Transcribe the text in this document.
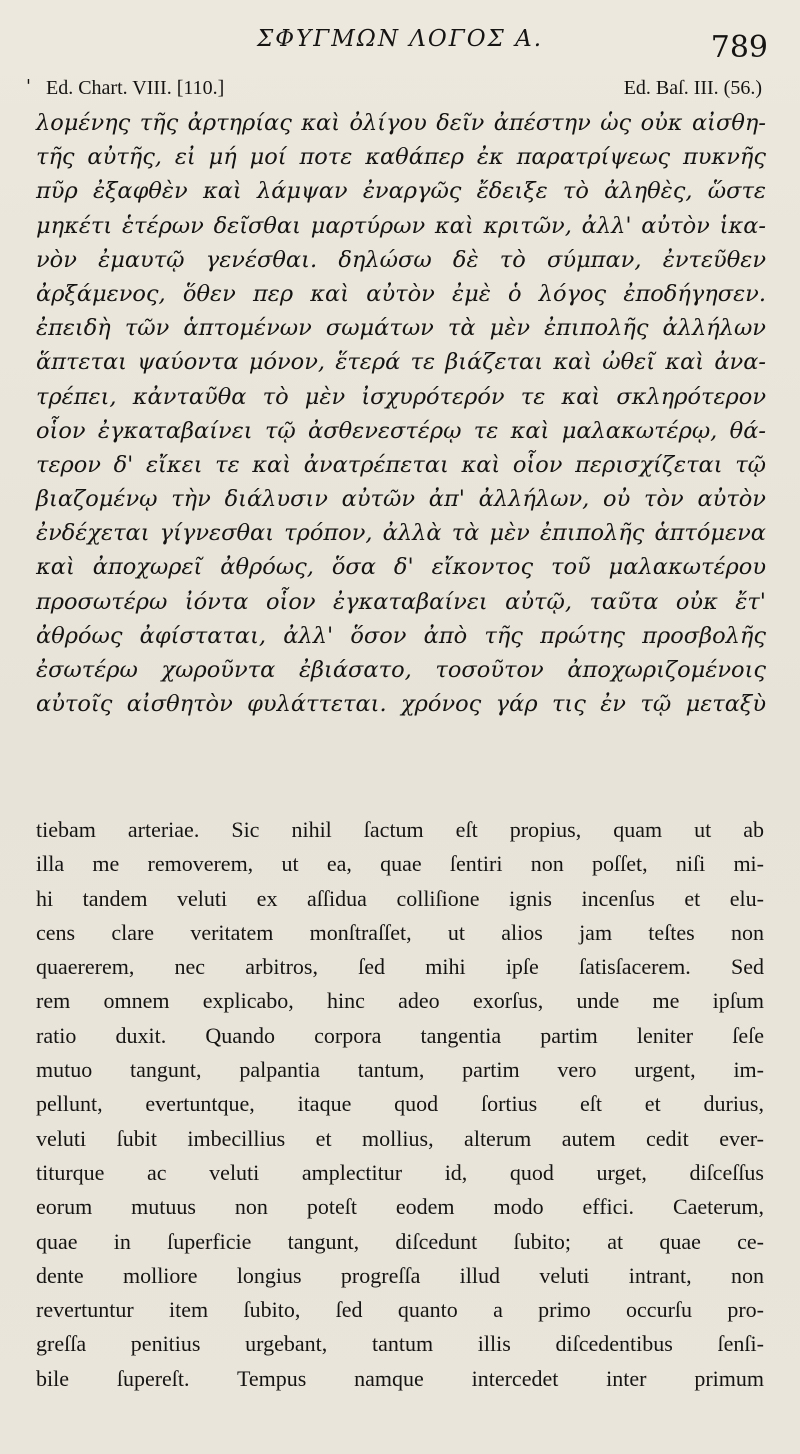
ΣΦΥΓΜΩΝ ΛΟΓΟΣ Α.	789
' Ed. Chart. VIII. [110.]	Ed. Baſ. III. (56.)
λομένης τῆς ἀρτηρίας καὶ ὀλίγου δεῖν ἀπέστην ὡς οὐκ αἰσθη-
τῆς αὐτῆς, εἰ μή μοί ποτε καθάπερ ἐκ παρατρίψεως πυκνῆς
πῦρ ἐξαφθὲν καὶ λάμψαν ἐναργῶς ἔδειξε τὸ ἀληθὲς, ὥστε
μηκέτι ἑτέρων δεῖσθαι μαρτύρων καὶ κριτῶν, ἀλλ' αὐτὸν ἱκα-
νὸν ἐμαυτῷ γενέσθαι. δηλώσω δὲ τὸ σύμπαν, ἐντεῦθεν
ἀρξάμενος, ὅθεν περ καὶ αὐτὸν ἐμὲ ὁ λόγος ἐποδήγησεν.
ἐπειδὴ τῶν ἁπτομένων σωμάτων τὰ μὲν ἐπιπολῆς ἀλλήλων
ἅπτεται ψαύοντα μόνον, ἕτερά τε βιάζεται καὶ ὠθεῖ καὶ ἀνα-
τρέπει, κἀνταῦθα τὸ μὲν ἰσχυρότερόν τε καὶ σκληρότερον
οἷον ἐγκαταβαίνει τῷ ἀσθενεστέρῳ τε καὶ μαλακωτέρῳ, θά-
τερον δ' εἴκει τε καὶ ἀνατρέπεται καὶ οἷον περισχίζεται τῷ
βιαζομένῳ τὴν διάλυσιν αὐτῶν ἀπ' ἀλλήλων, οὐ τὸν αὐτὸν
ἐνδέχεται γίγνεσθαι τρόπον, ἀλλὰ τὰ μὲν ἐπιπολῆς ἁπτόμενα
καὶ ἀποχωρεῖ ἀθρόως, ὅσα δ' εἴκοντος τοῦ μαλακωτέρου
προσωτέρω ἰόντα οἷον ἐγκαταβαίνει αὐτῷ, ταῦτα οὐκ ἔτ'
ἀθρόως ἀφίσταται, ἀλλ' ὅσον ἀπὸ τῆς πρώτης προσβολῆς
ἐσωτέρω χωροῦντα ἐβιάσατο, τοσοῦτον ἀποχωριζομένοις
αὐτοῖς αἰσθητὸν φυλάττεται. χρόνος γάρ τις ἐν τῷ μεταξὺ
tiebam arteriae. Sic nihil ſactum eſt propius, quam ut ab
illa me removerem, ut ea, quae ſentiri non poſſet, niſi mi-
hi tandem veluti ex aſſidua colliſione ignis incenſus et elu-
cens clare veritatem monſtraſſet, ut alios jam teſtes non
quaererem, nec arbitros, ſed mihi ipſe ſatisſacerem. Sed
rem omnem explicabo, hinc adeo exorſus, unde me ipſum
ratio duxit. Quando corpora tangentia partim leniter ſeſe
mutuo tangunt, palpantia tantum, partim vero urgent, im-
pellunt, evertuntque, itaque quod ſortius eſt et durius,
veluti ſubit imbecillius et mollius, alterum autem cedit ever-
titurque ac veluti amplectitur id, quod urget, diſceſſus
eorum mutuus non poteſt eodem modo effici. Caeterum,
quae in ſuperficie tangunt, diſcedunt ſubito; at quae ce-
dente molliore longius progreſſa illud veluti intrant, non
revertuntur item ſubito, ſed quanto a primo occurſu pro-
greſſa penitius urgebant, tantum illis diſcedentibus ſenſi-
bile ſupereſt. Tempus namque intercedet inter primum
